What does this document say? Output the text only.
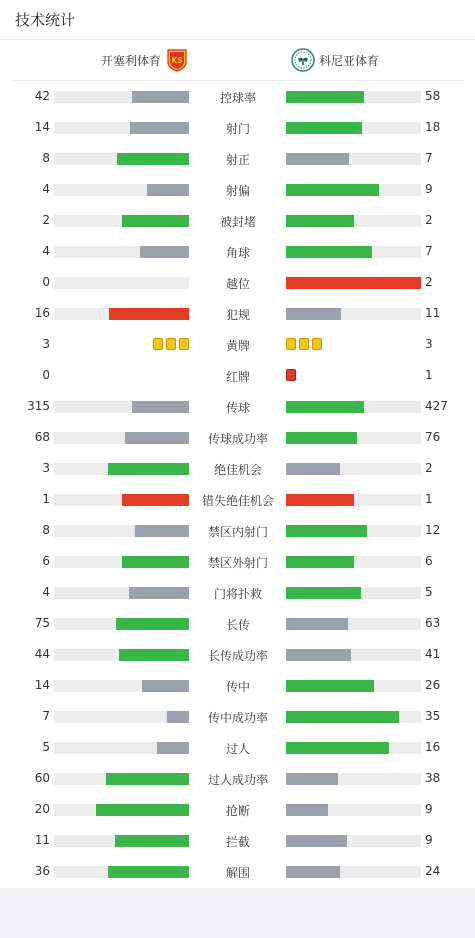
技术统计
开塞利体育 KS	科尼亚体育
42	控球率	58
14	射门	18
8	射正	7
4	射偏	9
2	被封堵	2
4	角球	7
0	越位	2
16	犯规	11
3	黄牌	3
0	红牌	1
315	传球	427
68	传球成功率	76
3	绝佳机会	2
1	错失绝佳机会	1
8	禁区内射门	12
6	禁区外射门	6
4	门将扑救	5
75	长传	63
44	长传成功率	41
14	传中	26
7	传中成功率	35
5	过人	16
60	过人成功率	38
20	抢断	9
11	拦截	9
36	解围	24
